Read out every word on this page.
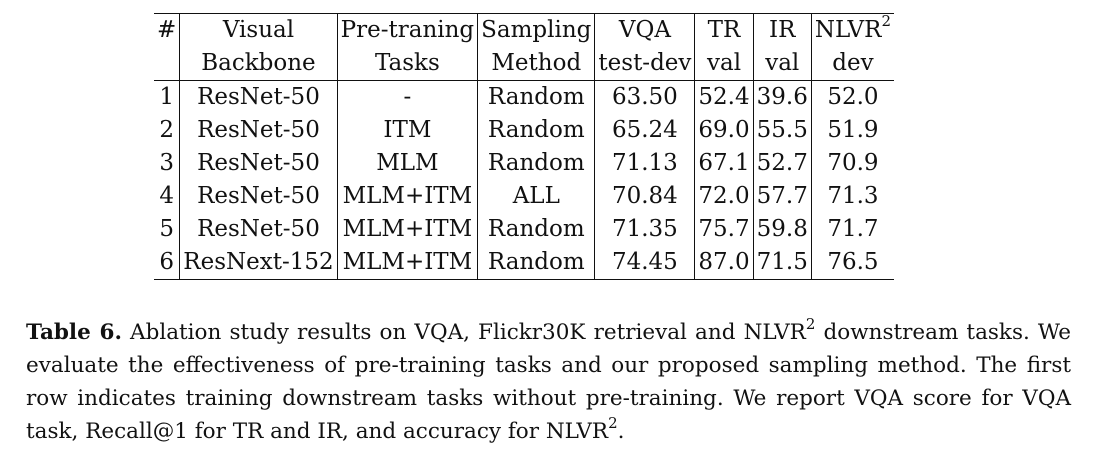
#	Visual	Pre-traning	Sampling	VQA	TR	IR	NLVR$^2$
	Backbone	Tasks	Method	test-dev	val	val	dev
1	ResNet-50	-	Random	63.50	52.4	39.6	52.0
2	ResNet-50	ITM	Random	65.24	69.0	55.5	51.9
3	ResNet-50	MLM	Random	71.13	67.1	52.7	70.9
4	ResNet-50	MLM+ITM	ALL	70.84	72.0	57.7	71.3
5	ResNet-50	MLM+ITM	Random	71.35	75.7	59.8	71.7
6	ResNext-152	MLM+ITM	Random	74.45	87.0	71.5	76.5
Table 6. Ablation study results on VQA, Flickr30K retrieval and NLVR$^2$ downstream tasks. We evaluate the effectiveness of pre-training tasks and our proposed sampling method. The first row indicates training downstream tasks without pre-training. We report VQA score for VQA task, Recall@1 for TR and IR, and accuracy for NLVR$^2$.
